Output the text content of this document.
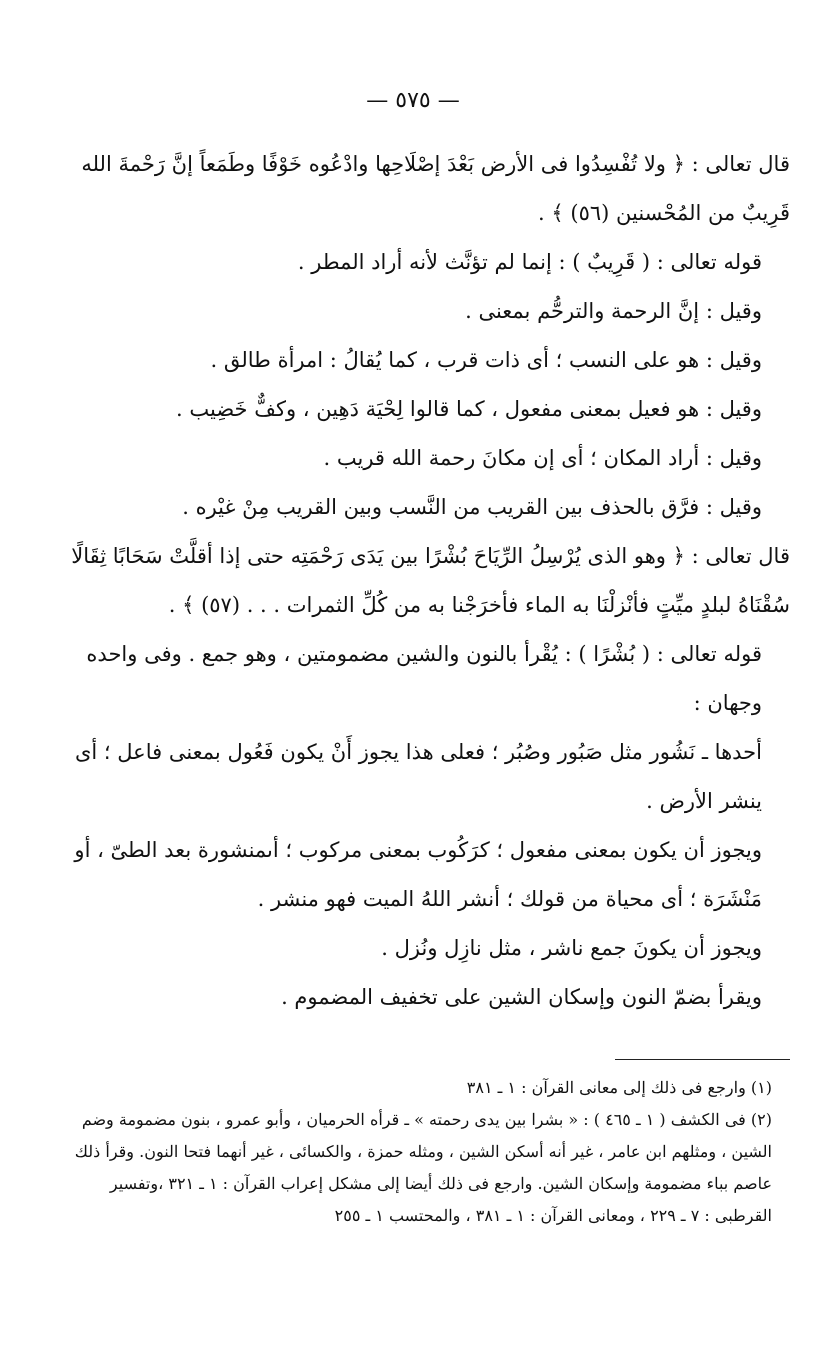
— ٥٧٥ —

قال تعالى : ﴿ ولا تُفْسِدُوا فى الأرض بَعْدَ إصْلَاحِها وادْعُوه خَوْفًا وطَمَعاً إنَّ رَحْمةَ الله قَرِيبٌ من المُحْسنين (٥٦) ﴾ .

قوله تعالى : ( قَرِيبٌ ) : إنما لم تؤنَّث لأنه أراد المطر .

وقيل : إنَّ الرحمة والترحُّم بمعنى .

وقيل : هو على النسب ؛ أى ذات قرب ، كما يُقالُ : امرأة طالق .

وقيل : هو فعيل بمعنى مفعول ، كما قالوا لِحْيَة دَهِين ، وكفٌّ خَضِيب .

وقيل : أراد المكان ؛ أى إن مكانَ رحمة الله قريب .

وقيل : فرَّق بالحذف بين القريب من النَّسب وبين القريب مِنْ غيْره .

قال تعالى : ﴿ وهو الذى يُرْسِلُ الرِّيَاحَ بُشْرًا بين يَدَى رَحْمَتِه حتى إذا أقلَّتْ سَحَابًا ثِقَالًا سُقْنَاهُ لبلدٍ ميِّتٍ فأنْزلْنَا به الماء فأخرَجْنا به من كُلِّ الثمرات . . . (٥٧) ﴾ .

قوله تعالى : ( بُشْرًا ) : يُقْرأ بالنون والشين مضمومتين ، وهو جمع . وفى واحده وجهان :

أحدها ـ نَشُور مثل صَبُور وصُبُر ؛ فعلى هذا يجوز أَنْ يكون فَعُول بمعنى فاعل ؛ أى ينشر الأرض .

ويجوز أن يكون بمعنى مفعول ؛ كرَكُوب بمعنى مركوب ؛ أىمنشورة بعد الطىّ ، أو مَنْشَرَة ؛ أى محياة من قولك ؛ أنشر اللهُ الميت فهو منشر .

ويجوز أن يكونَ جمع ناشر ، مثل نازِل ونُزل .

ويقرأ بضمّ النون وإسكان الشين على تخفيف المضموم .

(١) وارجع فى ذلك إلى معانى القرآن : ١ ـ ٣٨١

(٢) فى الكشف ( ١ ـ ٤٦٥ ) : « بشرا بين يدى رحمته » ـ قرأه الحرميان ، وأبو عمرو ، بنون مضمومة وضم الشين ، ومثلهم ابن عامر ، غير أنه أسكن الشين ، ومثله حمزة ، والكسائى ، غير أنهما فتحا النون. وقرأ ذلك عاصم بباء مضمومة وإسكان الشين. وارجع فى ذلك أيضا إلى مشكل إعراب القرآن : ١ ـ ٣٢١ ،وتفسير القرطبى : ٧ ـ ٢٢٩ ، ومعانى القرآن : ١ ـ ٣٨١ ، والمحتسب ١ ـ ٢٥٥
